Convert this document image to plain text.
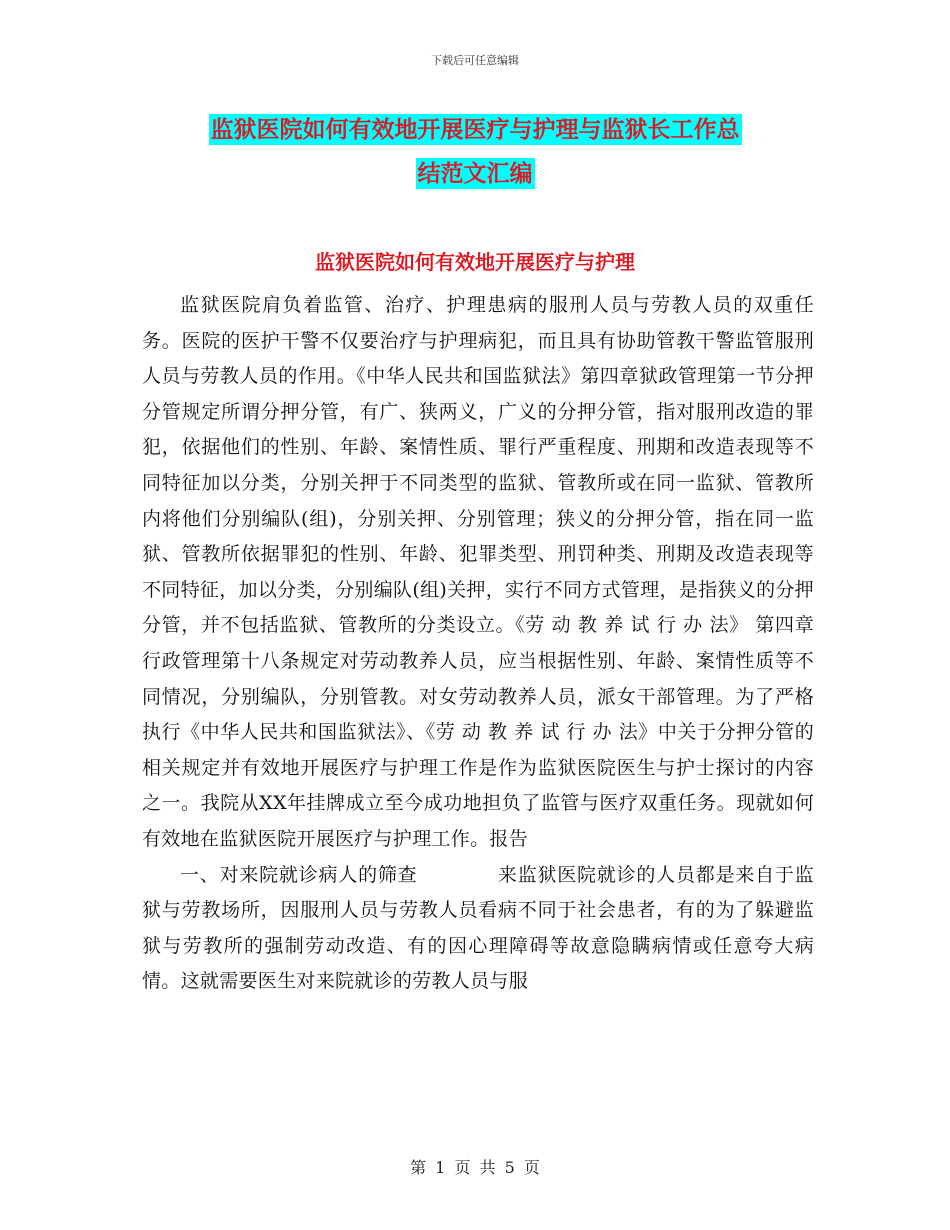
下载后可任意编辑
监狱医院如何有效地开展医疗与护理与监狱长工作总
结范文汇编
监狱医院如何有效地开展医疗与护理

监狱医院肩负着监管、治疗、护理患病的服刑人员与劳教人员的双重任务。医院的医护干警不仅要治疗与护理病犯，而且具有协助管教干警监管服刑人员与劳教人员的作用。《中华人民共和国监狱法》第四章狱政管理第一节分押分管规定所谓分押分管，有广、狭两义，广义的分押分管，指对服刑改造的罪犯，依据他们的性别、年龄、案情性质、罪行严重程度、刑期和改造表现等不同特征加以分类，分别关押于不同类型的监狱、管教所或在同一监狱、管教所内将他们分别编队(组)，分别关押、分别管理；狭义的分押分管，指在同一监狱、管教所依据罪犯的性别、年龄、犯罪类型、刑罚种类、刑期及改造表现等不同特征，加以分类，分别编队(组)关押，实行不同方式管理，是指狭义的分押分管，并不包括监狱、管教所的分类设立。《劳 动 教 养 试 行 办 法》 第四章 行政管理第十八条规定对劳动教养人员，应当根据性别、年龄、案情性质等不同情况，分别编队，分别管教。对女劳动教养人员，派女干部管理。为了严格执行《中华人民共和国监狱法》、《劳 动 教 养 试 行 办 法》中关于分押分管的相关规定并有效地开展医疗与护理工作是作为监狱医院医生与护士探讨的内容之一。我院从XX年挂牌成立至今成功地担负了监管与医疗双重任务。现就如何有效地在监狱医院开展医疗与护理工作。报告

一、对来院就诊病人的筛查	来监狱医院就诊的人员都是来自于监狱与劳教场所，因服刑人员与劳教人员看病不同于社会患者，有的为了躲避监狱与劳教所的强制劳动改造、有的因心理障碍等故意隐瞒病情或任意夸大病情。这就需要医生对来院就诊的劳教人员与服

第 1 页 共 5 页
